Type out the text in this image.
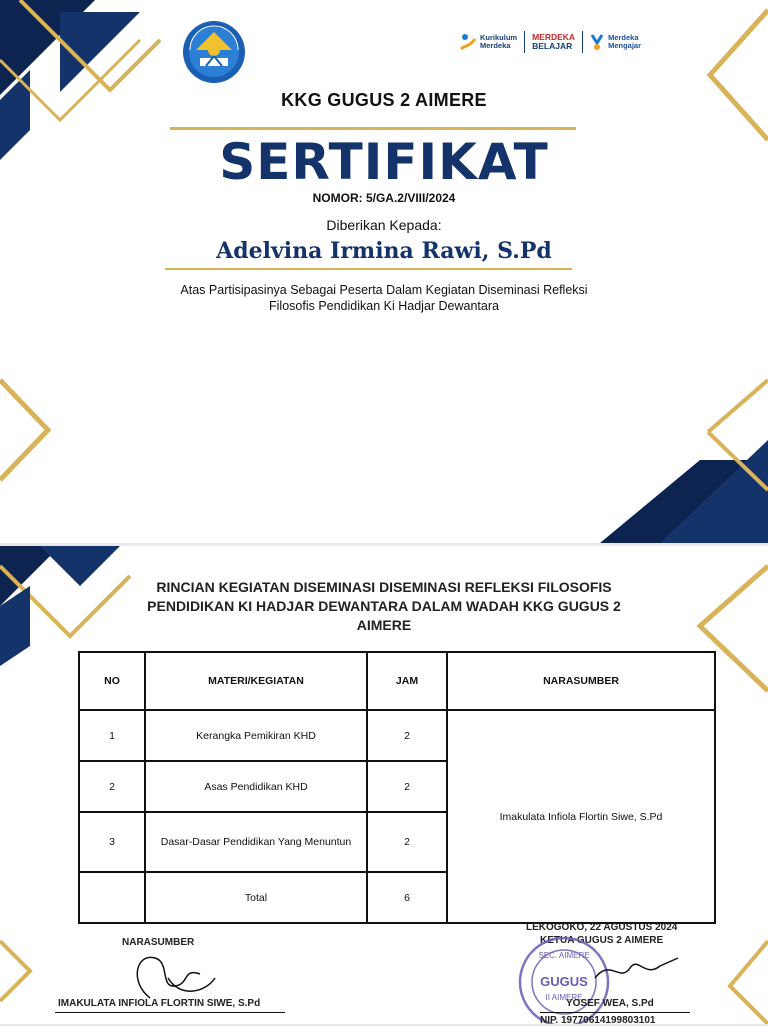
Kurikulum
Merdeka
MERDEKA
BELAJAR
Merdeka
Mengajar
KKG GUGUS 2 AIMERE
SERTIFIKAT
NOMOR: 5/GA.2/VIII/2024
Diberikan Kepada:
Adelvina Irmina Rawi, S.Pd
Atas Partisipasinya Sebagai Peserta Dalam Kegiatan Diseminasi Refleksi
Filosofis Pendidikan Ki Hadjar Dewantara
RINCIAN KEGIATAN DISEMINASI DISEMINASI REFLEKSI FILOSOFIS
PENDIDIKAN KI HADJAR DEWANTARA DALAM WADAH KKG GUGUS 2
AIMERE
NO	MATERI/KEGIATAN	JAM	NARASUMBER
1	Kerangka Pemikiran KHD	2	Imakulata Infiola Flortin Siwe, S.Pd
2	Asas Pendidikan KHD	2	
3	Dasar-Dasar Pendidikan Yang Menuntun	2	
	Total	6	
NARASUMBER
IMAKULATA INFIOLA FLORTIN SIWE, S.Pd
LEKOGOKO, 22 AGUSTUS 2024
KETUA GUGUS 2 AIMERE
SEC. AIMERE
GUGUS
II AIMERE
YOSEF WEA, S.Pd
NIP. 19770614199803101
